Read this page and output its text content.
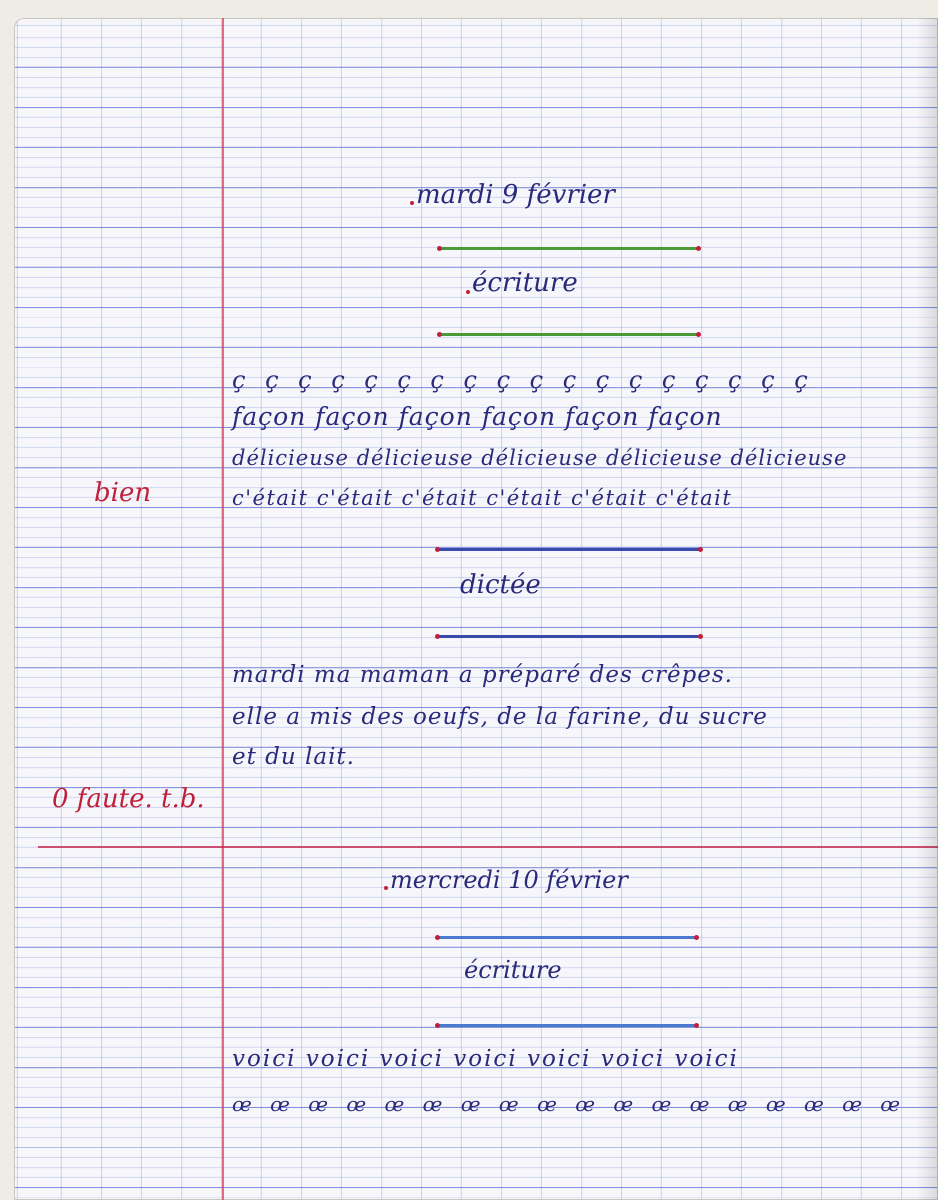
mardi 9 février
écriture
ç ç ç ç ç ç ç ç ç ç ç ç ç ç ç ç ç ç
façon façon façon façon façon façon
délicieuse délicieuse délicieuse délicieuse délicieuse
c'était c'était c'était c'était c'était c'était
bien
dictée
mardi ma maman a préparé des crêpes.
elle a mis des oeufs, de la farine, du sucre
et du lait.
0 faute. t.b.
mercredi 10 février
écriture
voici voici voici voici voici voici voici
œ œ œ œ œ œ œ œ œ œ œ œ œ œ œ œ œ œ
